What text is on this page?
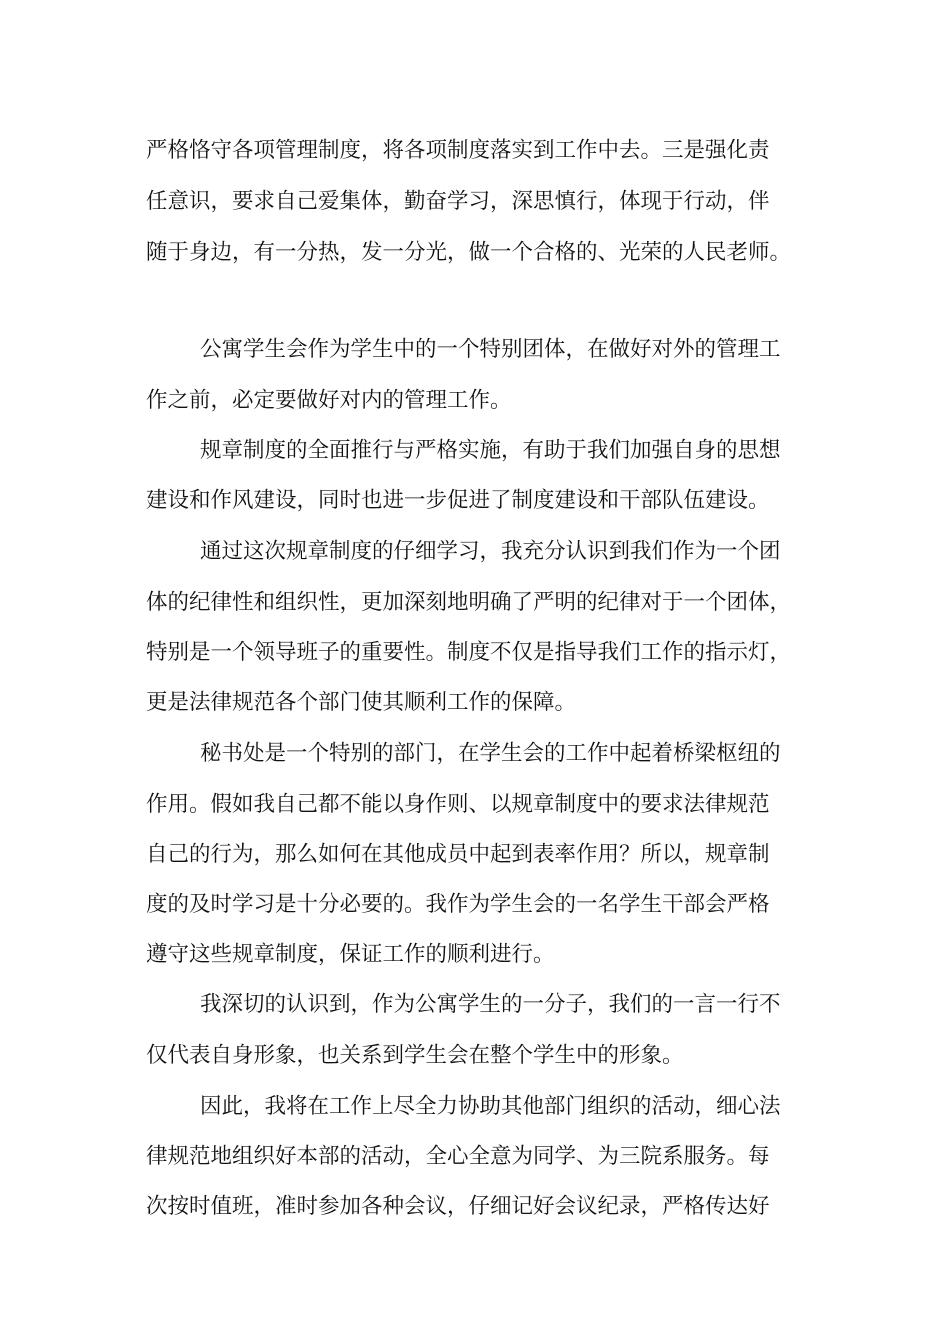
严格恪守各项管理制度，将各项制度落实到工作中去。三是强化责
任意识，要求自己爱集体，勤奋学习，深思慎行，体现于行动，伴
随于身边，有一分热，发一分光，做一个合格的、光荣的人民老师。
公寓学生会作为学生中的一个特别团体，在做好对外的管理工
作之前，必定要做好对内的管理工作。
规章制度的全面推行与严格实施，有助于我们加强自身的思想
建设和作风建设，同时也进一步促进了制度建设和干部队伍建设。
通过这次规章制度的仔细学习，我充分认识到我们作为一个团
体的纪律性和组织性，更加深刻地明确了严明的纪律对于一个团体，
特别是一个领导班子的重要性。制度不仅是指导我们工作的指示灯，
更是法律规范各个部门使其顺利工作的保障。
秘书处是一个特别的部门，在学生会的工作中起着桥梁枢纽的
作用。假如我自己都不能以身作则、以规章制度中的要求法律规范
自己的行为，那么如何在其他成员中起到表率作用？所以，规章制
度的及时学习是十分必要的。我作为学生会的一名学生干部会严格
遵守这些规章制度，保证工作的顺利进行。
我深切的认识到，作为公寓学生的一分子，我们的一言一行不
仅代表自身形象，也关系到学生会在整个学生中的形象。
因此，我将在工作上尽全力协助其他部门组织的活动，细心法
律规范地组织好本部的活动，全心全意为同学、为三院系服务。每
次按时值班，准时参加各种会议，仔细记好会议纪录，严格传达好
